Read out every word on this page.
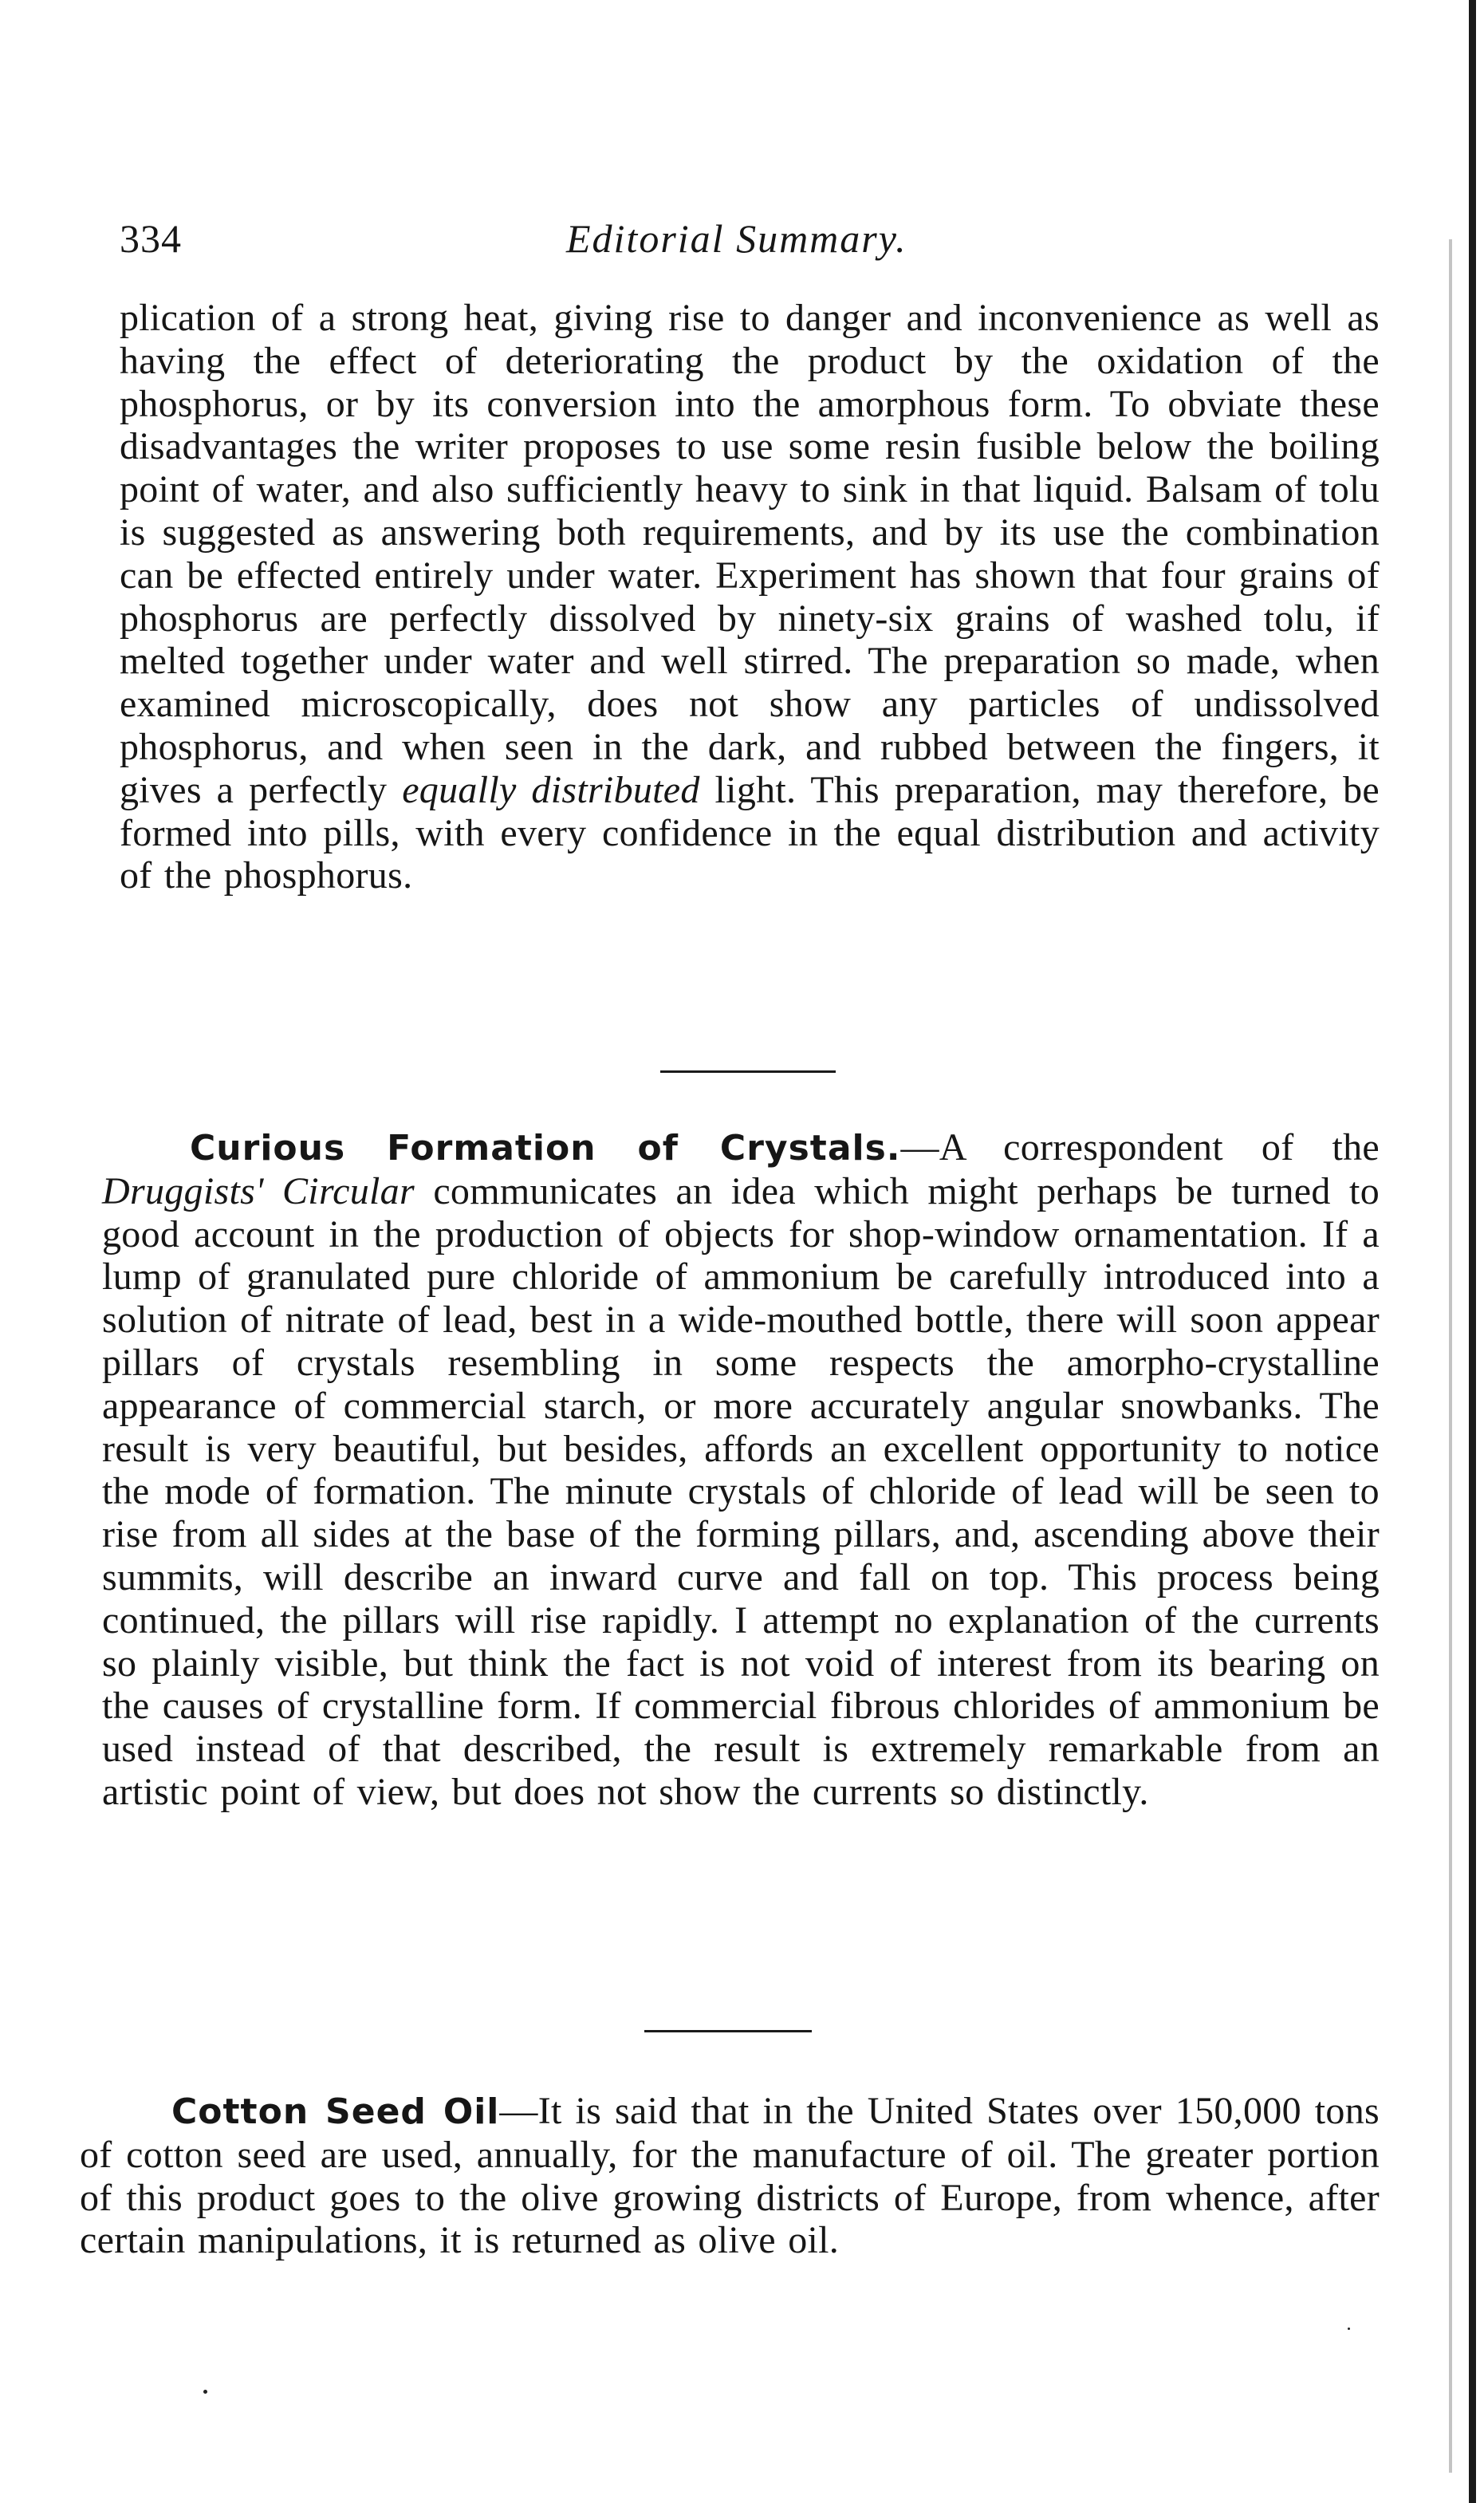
334	Editorial Summary.

plication of a strong heat, giving rise to danger and inconvenience as well as having the effect of deteriorating the product by the oxidation of the phosphorus, or by its conversion into the amorphous form. To obviate these disadvantages the writer proposes to use some resin fusible below the boiling point of water, and also sufficiently heavy to sink in that liquid. Balsam of tolu is suggested as answering both requirements, and by its use the combination can be effected entirely under water. Experiment has shown that four grains of phosphorus are perfectly dissolved by ninety-six grains of washed tolu, if melted together under water and well stirred. The preparation so made, when examined microscopically, does not show any particles of undissolved phosphorus, and when seen in the dark, and rubbed between the fingers, it gives a perfectly equally distributed light. This preparation, may therefore, be formed into pills, with every confidence in the equal distribution and activity of the phosphorus.

Curious Formation of Crystals.—A correspondent of the Druggists' Circular communicates an idea which might perhaps be turned to good account in the production of objects for shop-window ornamentation. If a lump of granulated pure chloride of ammonium be carefully introduced into a solution of nitrate of lead, best in a wide-mouthed bottle, there will soon appear pillars of crystals resembling in some respects the amorpho-crystalline appearance of commercial starch, or more accurately angular snowbanks. The result is very beautiful, but besides, affords an excellent opportunity to notice the mode of formation. The minute crystals of chloride of lead will be seen to rise from all sides at the base of the forming pillars, and, ascending above their summits, will describe an inward curve and fall on top. This process being continued, the pillars will rise rapidly. I attempt no explanation of the currents so plainly visible, but think the fact is not void of interest from its bearing on the causes of crystalline form. If commercial fibrous chlorides of ammonium be used instead of that described, the result is extremely remarkable from an artistic point of view, but does not show the currents so distinctly.

Cotton Seed Oil—It is said that in the United States over 150,000 tons of cotton seed are used, annually, for the manufacture of oil. The greater portion of this product goes to the olive growing districts of Europe, from whence, after certain manipulations, it is returned as olive oil.
